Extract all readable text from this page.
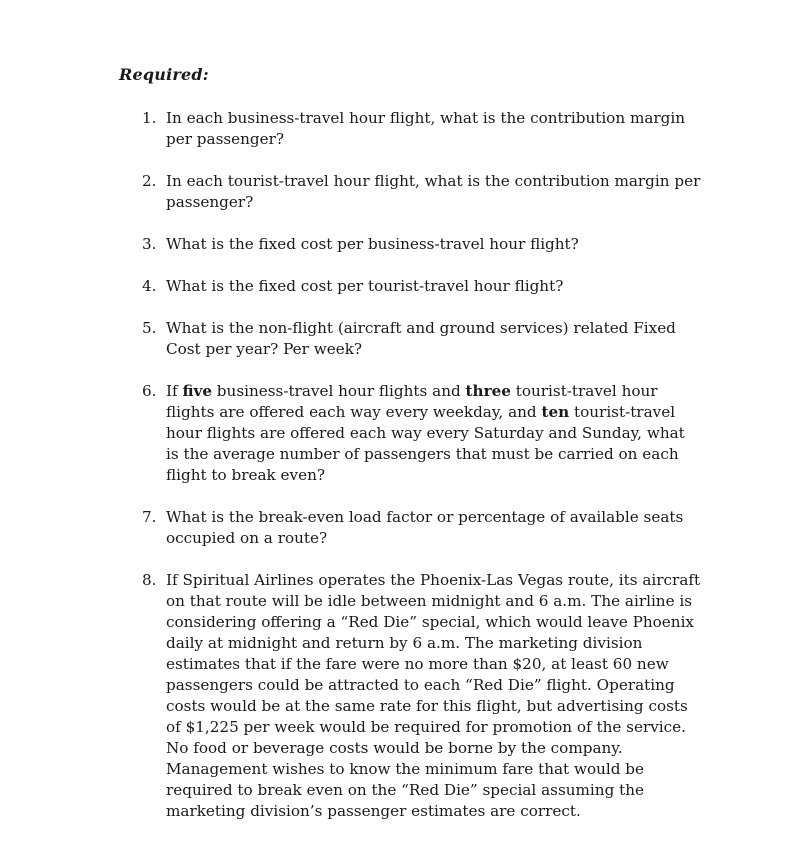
Required:
1. In each business-travel hour flight, what is the contribution margin per passenger?
2. In each tourist-travel hour flight, what is the contribution margin per passenger?
3. What is the fixed cost per business-travel hour flight?
4. What is the fixed cost per tourist-travel hour flight?
5. What is the non-flight (aircraft and ground services) related Fixed Cost per year? Per week?
6. If five business-travel hour flights and three tourist-travel hour flights are offered each way every weekday, and ten tourist-travel hour flights are offered each way every Saturday and Sunday, what is the average number of passengers that must be carried on each flight to break even?
7. What is the break-even load factor or percentage of available seats occupied on a route?
8. If Spiritual Airlines operates the Phoenix-Las Vegas route, its aircraft on that route will be idle between midnight and 6 a.m. The airline is considering offering a “Red Die” special, which would leave Phoenix daily at midnight and return by 6 a.m. The marketing division estimates that if the fare were no more than $20, at least 60 new passengers could be attracted to each “Red Die” flight. Operating costs would be at the same rate for this flight, but advertising costs of $1,225 per week would be required for promotion of the service. No food or beverage costs would be borne by the company. Management wishes to know the minimum fare that would be required to break even on the “Red Die” special assuming the marketing division’s passenger estimates are correct.
